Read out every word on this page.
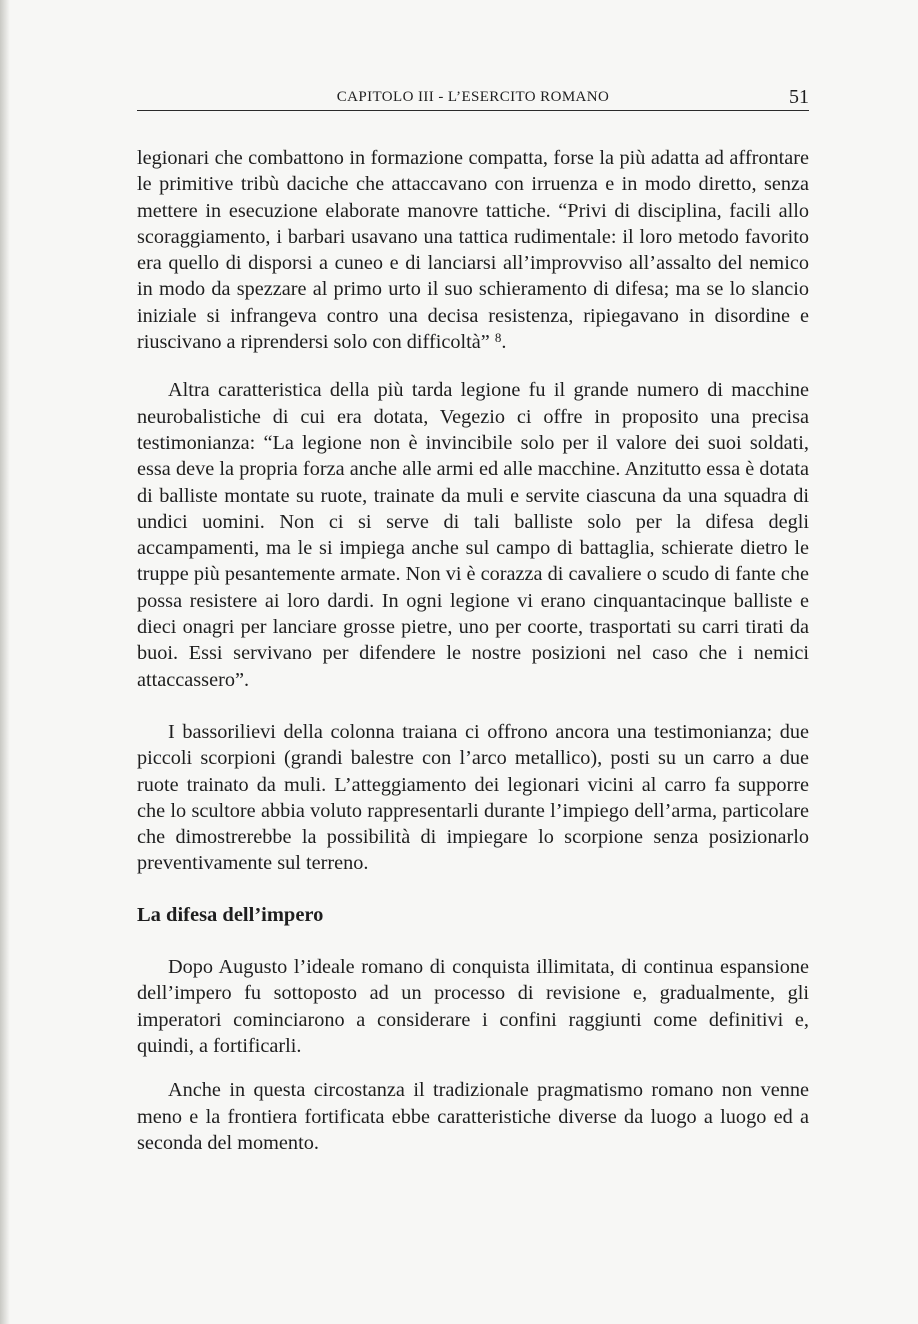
CAPITOLO III - L’ESERCITO ROMANO	51

legionari che combattono in formazione compatta, forse la più adatta ad affrontare le primitive tribù daciche che attaccavano con irruenza e in modo diretto, senza mettere in esecuzione elaborate manovre tattiche. “Privi di disciplina, facili allo scoraggiamento, i barbari usavano una tattica rudimentale: il loro metodo favorito era quello di disporsi a cuneo e di lanciarsi all’improvviso all’assalto del nemico in modo da spezzare al primo urto il suo schieramento di difesa; ma se lo slancio iniziale si infrangeva contro una decisa resistenza, ripiegavano in disordine e riuscivano a riprendersi solo con difficoltà” $^8$.

Altra caratteristica della più tarda legione fu il grande numero di macchine neurobalistiche di cui era dotata, Vegezio ci offre in proposito una precisa testimonianza: “La legione non è invincibile solo per il valore dei suoi soldati, essa deve la propria forza anche alle armi ed alle macchine. Anzitutto essa è dotata di balliste montate su ruote, trainate da muli e servite ciascuna da una squadra di undici uomini. Non ci si serve di tali balliste solo per la difesa degli accampamenti, ma le si impiega anche sul campo di battaglia, schierate dietro le truppe più pesantemente armate. Non vi è corazza di cavaliere o scudo di fante che possa resistere ai loro dardi. In ogni legione vi erano cinquantacinque balliste e dieci onagri per lanciare grosse pietre, uno per coorte, trasportati su carri tirati da buoi. Essi servivano per difendere le nostre posizioni nel caso che i nemici attaccassero”.

I bassorilievi della colonna traiana ci offrono ancora una testimonianza; due piccoli scorpioni (grandi balestre con l’arco metallico), posti su un carro a due ruote trainato da muli. L’atteggiamento dei legionari vicini al carro fa supporre che lo scultore abbia voluto rappresentarli durante l’impiego dell’arma, particolare che dimostrerebbe la possibilità di impiegare lo scorpione senza posizionarlo preventivamente sul terreno.

La difesa dell’impero

Dopo Augusto l’ideale romano di conquista illimitata, di continua espansione dell’impero fu sottoposto ad un processo di revisione e, gradualmente, gli imperatori cominciarono a considerare i confini raggiunti come definitivi e, quindi, a fortificarli.

Anche in questa circostanza il tradizionale pragmatismo romano non venne meno e la frontiera fortificata ebbe caratteristiche diverse da luogo a luogo ed a seconda del momento.
